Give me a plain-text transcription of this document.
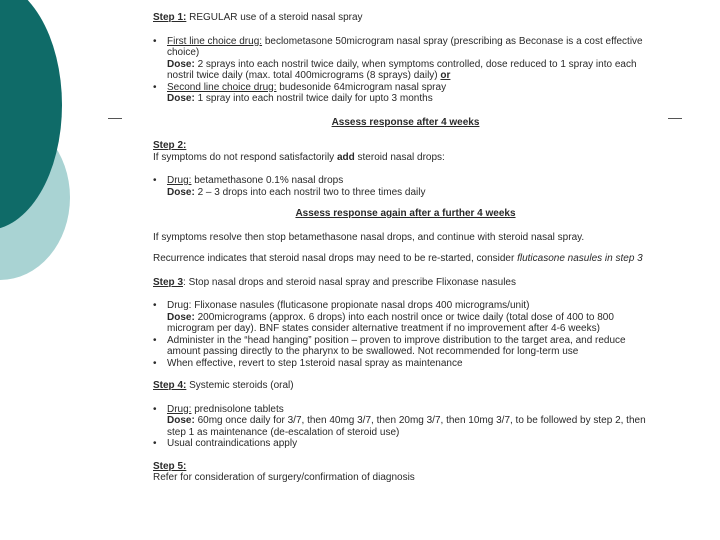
Step 1: REGULAR use of a steroid nasal spray

• First line choice drug: beclometasone 50microgram nasal spray (prescribing as Beconase is a cost effective choice)
Dose: 2 sprays into each nostril twice daily, when symptoms controlled, dose reduced to 1 spray into each nostril twice daily (max. total 400micrograms (8 sprays) daily) or
• Second line choice drug: budesonide 64microgram nasal spray
Dose: 1 spray into each nostril twice daily for upto 3 months

Assess response after 4 weeks

Step 2:

If symptoms do not respond satisfactorily add steroid nasal drops:

• Drug: betamethasone 0.1% nasal drops
Dose: 2 – 3 drops into each nostril two to three times daily

Assess response again after a further 4 weeks

If symptoms resolve then stop betamethasone nasal drops, and continue with steroid nasal spray.

Recurrence indicates that steroid nasal drops may need to be re-started, consider fluticasone nasules in step 3

Step 3: Stop nasal drops and steroid nasal spray and prescribe Flixonase nasules

• Drug: Flixonase nasules (fluticasone propionate nasal drops 400 micrograms/unit)
Dose: 200micrograms (approx. 6 drops) into each nostril once or twice daily (total dose of 400 to 800 microgram per day). BNF states consider alternative treatment if no improvement after 4-6 weeks)
• Administer in the “head hanging” position – proven to improve distribution to the target area, and reduce amount passing directly to the pharynx to be swallowed. Not recommended for long-term use
• When effective, revert to step 1steroid nasal spray as maintenance

Step 4: Systemic steroids (oral)

• Drug: prednisolone tablets
Dose: 60mg once daily for 3/7, then 40mg 3/7, then 20mg 3/7, then 10mg 3/7, to be followed by step 2, then step 1 as maintenance (de-escalation of steroid use)
• Usual contraindications apply

Step 5:

Refer for consideration of surgery/confirmation of diagnosis
